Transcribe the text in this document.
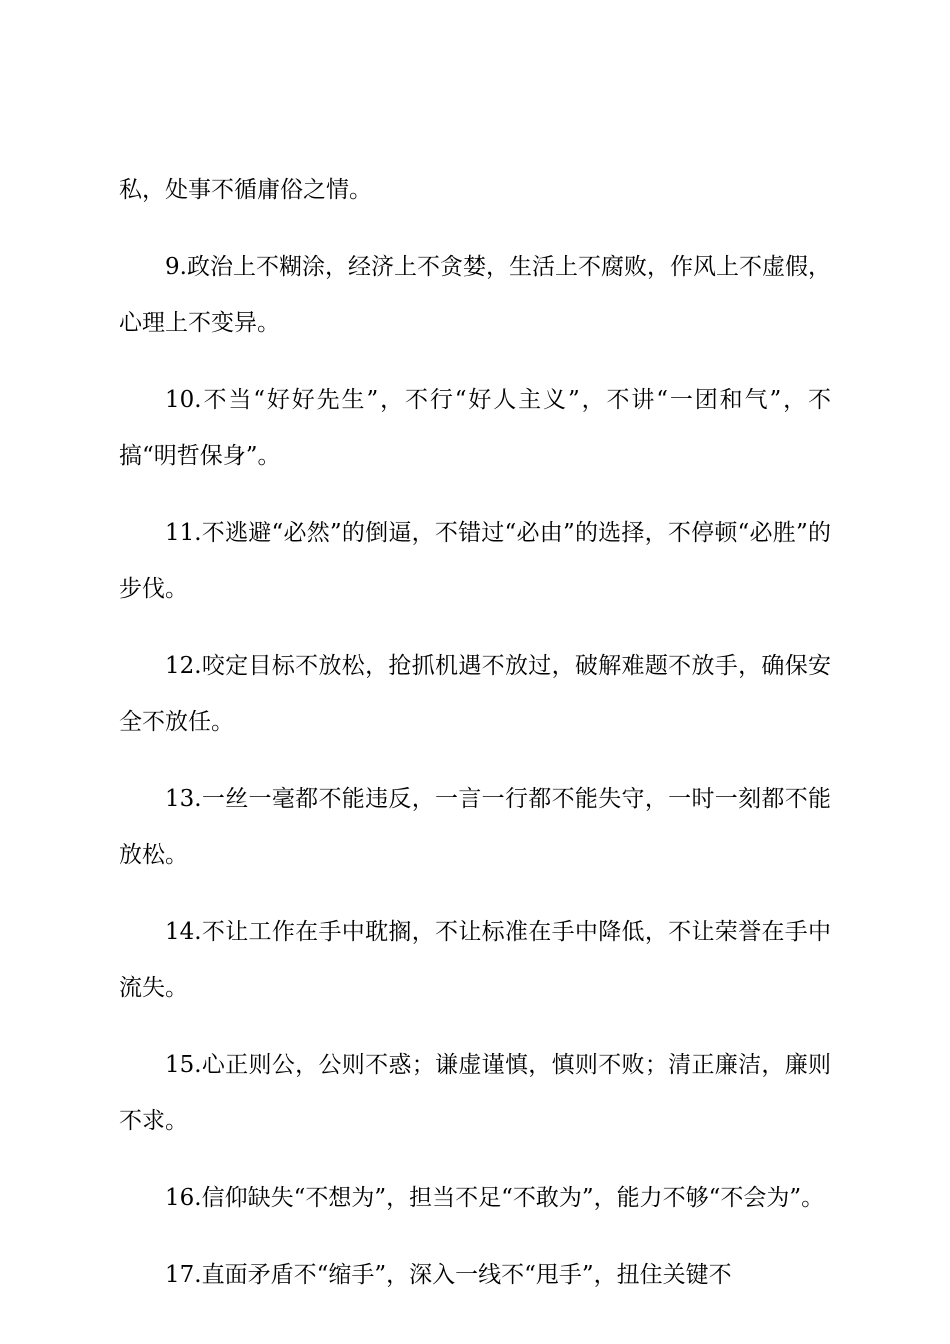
私，处事不循庸俗之情。

9.政治上不糊涂，经济上不贪婪，生活上不腐败，作风上不虚假，心理上不变异。

10.不当“好好先生”，不行“好人主义”，不讲“一团和气”，不搞“明哲保身”。

11.不逃避“必然”的倒逼，不错过“必由”的选择，不停顿“必胜”的步伐。

12.咬定目标不放松，抢抓机遇不放过，破解难题不放手，确保安全不放任。

13.一丝一毫都不能违反，一言一行都不能失守，一时一刻都不能放松。

14.不让工作在手中耽搁，不让标准在手中降低，不让荣誉在手中流失。

15.心正则公，公则不惑；谦虚谨慎，慎则不败；清正廉洁，廉则不求。

16.信仰缺失“不想为”，担当不足“不敢为”，能力不够“不会为”。

17.直面矛盾不“缩手”，深入一线不“甩手”，扭住关键不
